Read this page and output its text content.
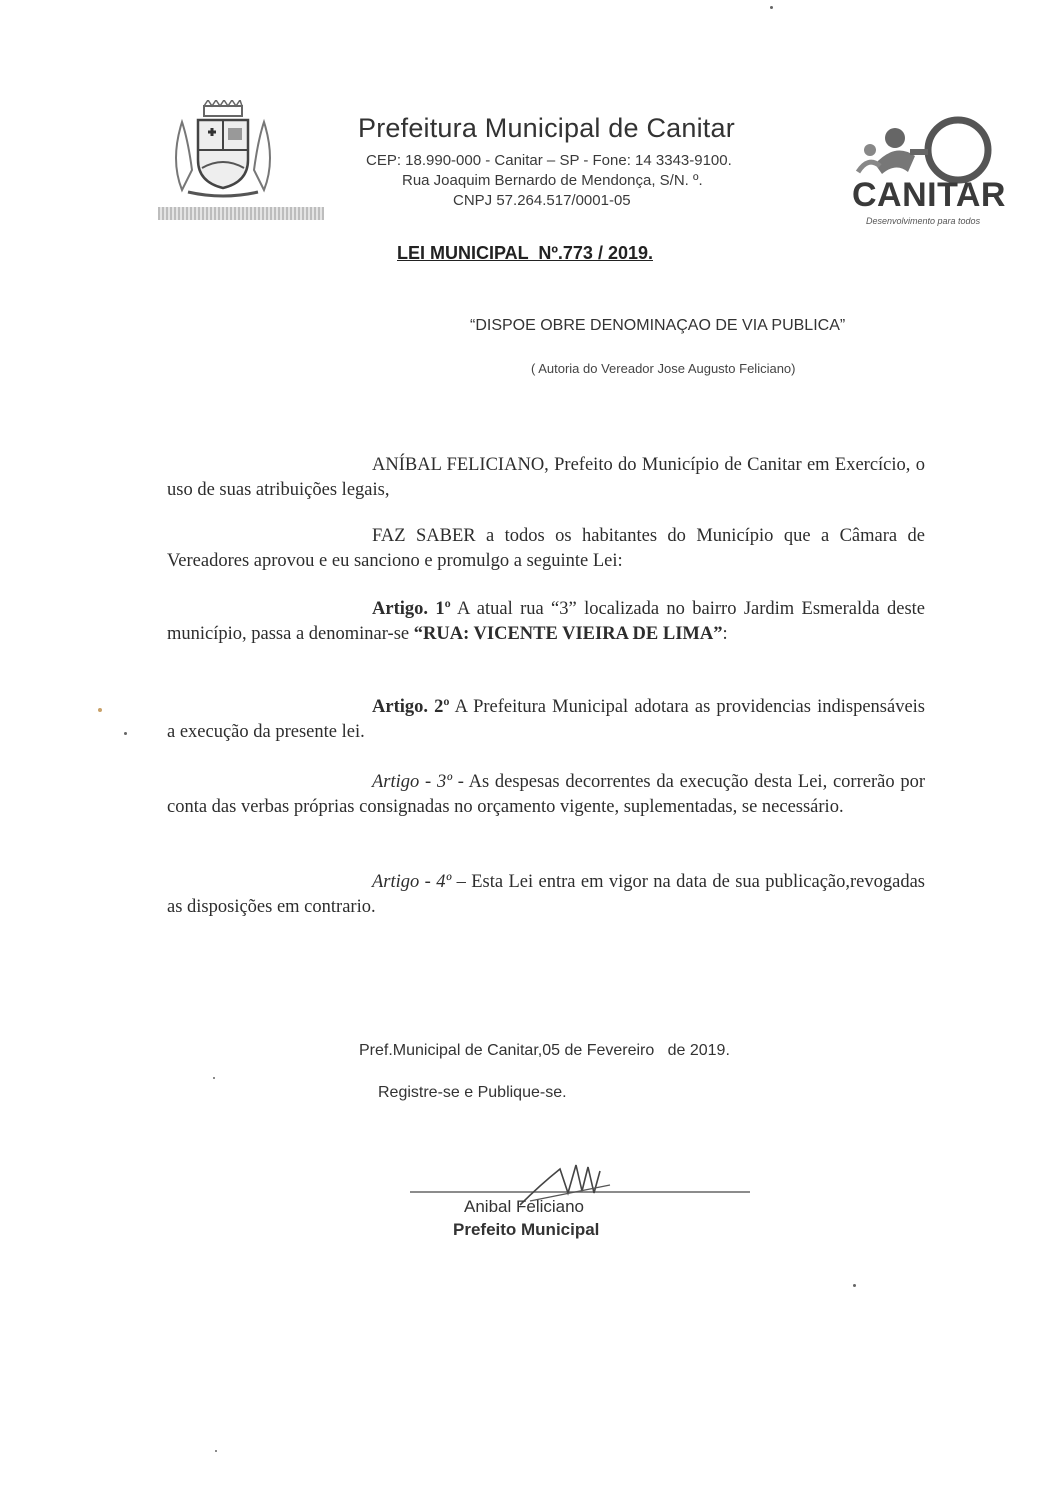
Prefeitura Municipal de Canitar
CEP: 18.990-000 - Canitar – SP - Fone: 14 3343-9100.
Rua Joaquim Bernardo de Mendonça, S/N. º.
CNPJ 57.264.517/0001-05	CANITAR
Desenvolvimento para todos
LEI MUNICIPAL  Nº.773 / 2019.
“DISPOE OBRE DENOMINAÇAO DE VIA PUBLICA”
( Autoria do Vereador Jose Augusto Feliciano)
ANÍBAL FELICIANO, Prefeito do Município de Canitar em Exercício, o uso de suas atribuições legais,
FAZ SABER a todos os habitantes do Município que a Câmara de Vereadores aprovou e eu sanciono e promulgo a seguinte Lei:
Artigo. 1º A atual rua “3” localizada no bairro Jardim Esmeralda deste município, passa a denominar-se “RUA: VICENTE VIEIRA DE LIMA”:
Artigo. 2º A Prefeitura Municipal adotara as providencias indispensáveis a execução da presente lei.
Artigo - 3º - As despesas decorrentes da execução desta Lei, correrão por conta das verbas próprias consignadas no orçamento vigente, suplementadas, se necessário.
Artigo - 4º – Esta Lei entra em vigor na data de sua publicação,revogadas as disposições em contrario.
Pref.Municipal de Canitar,05 de Fevereiro   de 2019.
Registre-se e Publique-se.
Anibal Feliciano
Prefeito Municipal
